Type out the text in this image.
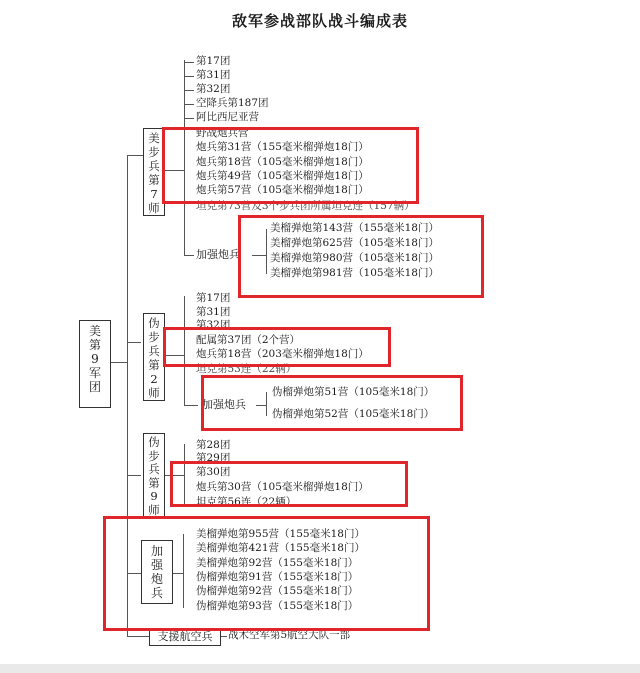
敌军参战部队战斗编成表
美
第
9
军
团
美
步
兵
第
7
师
第17团
第31团
第32团
空降兵第187团
阿比西尼亚营
野战炮兵营
炮兵第31营（155毫米榴弹炮18门）
炮兵第18营（105毫米榴弹炮18门）
炮兵第49营（105毫米榴弹炮18门）
炮兵第57营（105毫米榴弹炮18门）
坦克第73营及3个步兵团所属坦克连（157辆）
加强炮兵
美榴弹炮第143营（155毫米18门）
美榴弹炮第625营（105毫米18门）
美榴弹炮第980营（105毫米18门）
美榴弹炮第981营（105毫米18门）
伪
步
兵
第
2
师
第17团
第31团
第32团
配属第37团（2个营）
炮兵第18营（203毫米榴弹炮18门）
坦克第53连（22辆）
加强炮兵
伪榴弹炮第51营（105毫米18门）
伪榴弹炮第52营（105毫米18门）
伪
步
兵
第
9
师
第28团
第29团
第30团
炮兵第30营（105毫米榴弹炮18门）
坦克第56连（22辆）
加
强
炮
兵
美榴弹炮第955营（155毫米18门）
美榴弹炮第421营（155毫米18门）
美榴弹炮第92营（155毫米18门）
伪榴弹炮第91营（155毫米18门）
伪榴弹炮第92营（155毫米18门）
伪榴弹炮第93营（155毫米18门）
支援航空兵	战术空军第5航空大队一部
